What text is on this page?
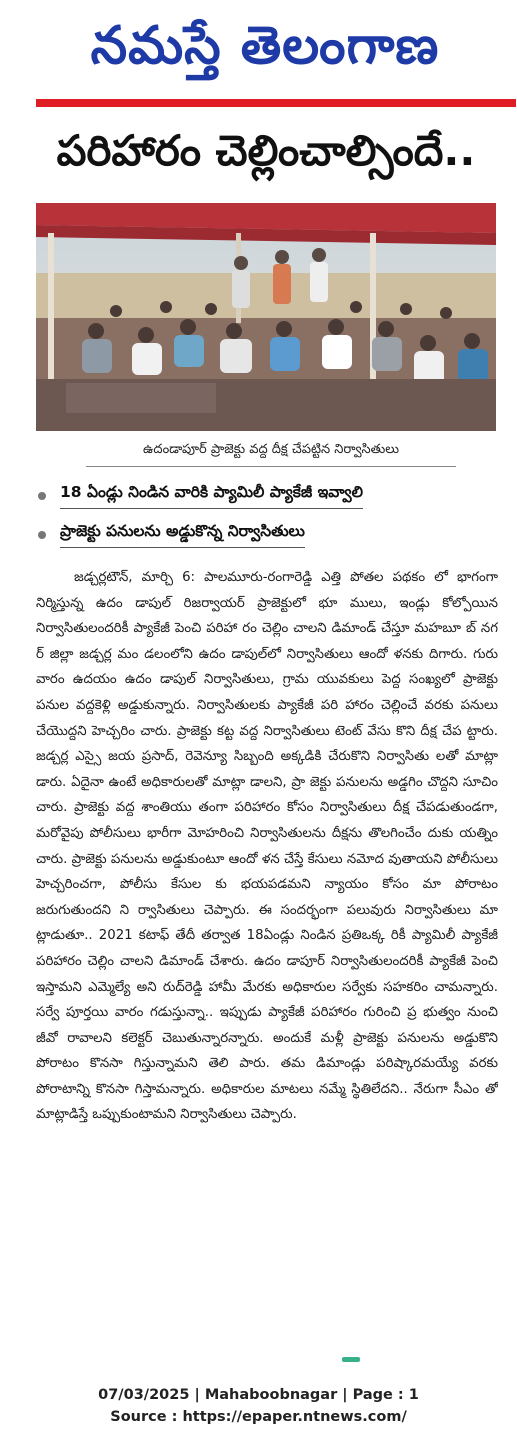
నమస్తే తెలంగాణ
పరిహారం చెల్లించాల్సిందే..
ఉదండాపూర్ ప్రాజెక్టు వద్ద దీక్ష చేపట్టిన నిర్వాసితులు
18 ఏండ్లు నిండిన వారికి ప్యామిలీ ప్యాకేజీ ఇవ్వాలి
ప్రాజెక్టు పనులను అడ్డుకొన్న నిర్వాసితులు

జడ్చర్లటౌన్, మార్చి 6: పాలమూరు-రంగారెడ్డి ఎత్తి పోతల పథకం లో భాగంగా నిర్మిస్తున్న ఉదం డాపుల్ రిజర్వాయర్ ప్రాజెక్టులో భూ ములు, ఇండ్లు కోల్పోయిన నిర్వాసితులందరికీ ప్యాకేజీ పెంచి పరిహా రం చెల్లిం చాలని డిమాండ్ చేస్తూ మహబూ బ్ నగ ర్ జిల్లా జడ్చర్ల మం డలంలోని ఉదం డాపుల్‌లో నిర్వాసితులు ఆందో ళనకు దిగారు. గురు వారం ఉదయం ఉదం డాపుల్ నిర్వాసితులు, గ్రామ యువకులు పెద్ద సంఖ్యలో ప్రాజెక్టు పనుల వద్దకెళ్లి అడ్డుకున్నారు. నిర్వాసితులకు ప్యాకేజీ పరి హారం చెల్లించే వరకు పనులు చేయొద్దని హెచ్చరిం చారు. ప్రాజెక్టు కట్ట వద్ద నిర్వాసితులు టెంట్ వేసు కొని దీక్ష చేప ట్టారు. జడ్చర్ల ఎస్సై జయ ప్రసాద్, రెవెన్యూ సిబ్బంది అక్కడికి చేరుకొని నిర్వాసితు లతో మాట్లా డారు. ఏదైనా ఉంటే అధికారులతో మాట్లా డాలని, ప్రా జెక్టు పనులను అడ్డగిం చొద్దని సూచిం చారు. ప్రాజెక్టు వద్ద శాంతియు తంగా పరిహారం కోసం నిర్వాసితులు దీక్ష చేపడుతుండగా, మరోవైపు పోలీసులు భారీగా మోహరించి నిర్వాసితులను దీక్షను తొలగించేం దుకు యత్నిం చారు. ప్రాజెక్టు పనులను అడ్డుకుంటూ ఆందో ళన చేస్తే కేసులు నమోద వుతాయని పోలీసులు హెచ్చరించగా, పోలీసు కేసుల కు భయపడమని న్యాయం కోసం మా పోరాటం జరుగుతుందని ని ర్వాసితులు చెప్పారు. ఈ సందర్భంగా పలువురు నిర్వాసితులు మా ట్లాడుతూ.. 2021 కటాఫ్ తేదీ తర్వాత 18ఏండ్లు నిండిన ప్రతిఒక్క రికీ ప్యామిలీ ప్యాకేజీ పరిహారం చెల్లిం చాలని డిమాండ్ చేశారు. ఉదం డాపూర్ నిర్వాసితులందరికీ ప్యాకేజీ పెంచి ఇస్తామని ఎమ్మెల్యే అని రుద్‌రెడ్డి హామీ మేరకు అధికారుల సర్వేకు సహకరిం చామన్నారు. సర్వే పూర్తయి వారం గడుస్తున్నా.. ఇప్పుడు ప్యాకేజీ పరిహారం గురించి ప్ర భుత్వం నుంచి జీవో రావాలని కలెక్టర్ చెబుతున్నారన్నారు. అందుకే మళ్లీ ప్రాజెక్టు పనులను అడ్డుకొని పోరాటం కొనసా గిస్తున్నామని తెలి పారు. తమ డిమాండ్లు పరిష్కారమయ్యే వరకు పోరాటాన్ని కొనసా గిస్తామన్నారు. అధికారుల మాటలు నమ్మే స్థితిలేదని.. నేరుగా సీఎం తో మాట్లాడిస్తే ఒప్పుకుంటామని నిర్వాసితులు చెప్పారు.

07/03/2025 | Mahaboobnagar | Page : 1
Source : https://epaper.ntnews.com/
